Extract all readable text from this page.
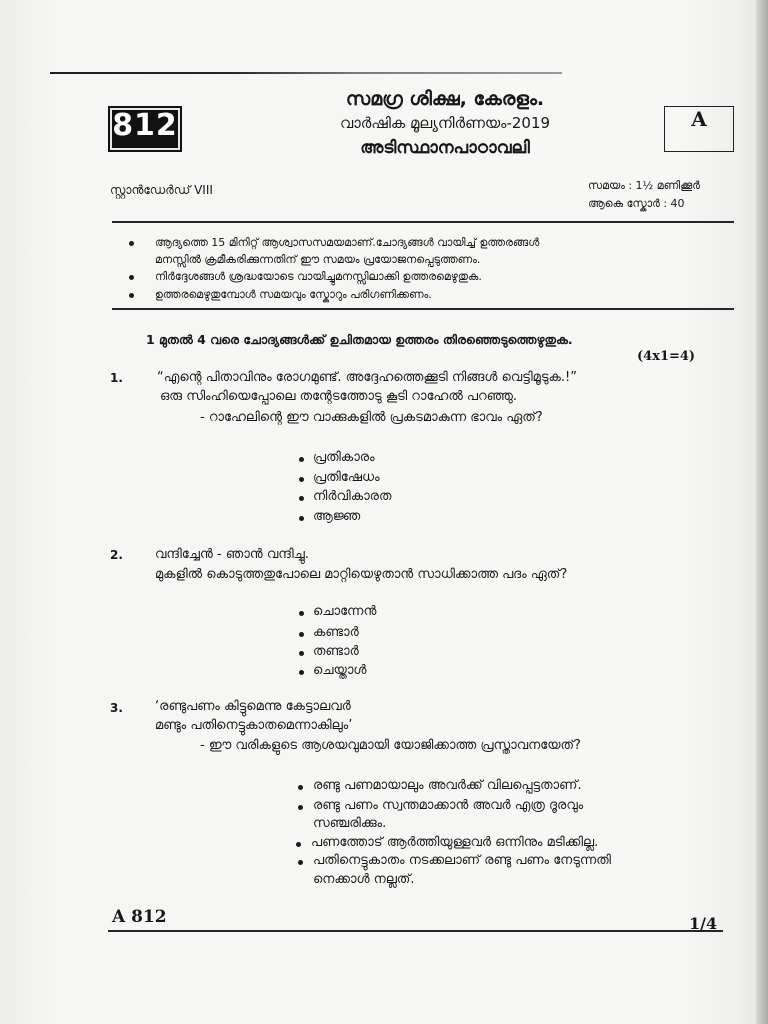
812
സമഗ്ര ശിക്ഷ, കേരളം.
വാർഷിക മൂല്യനിർണയം-2019
അടിസ്ഥാനപാഠാവലി
A
സ്റ്റാൻഡേർഡ് VIII	സമയം : 1½ മണിക്കൂർ
ആകെ സ്കോർ : 40
ആദ്യത്തെ 15 മിനിറ്റ് ആശ്വാസസമയമാണ്.ചോദ്യങ്ങൾ വായിച്ച് ഉത്തരങ്ങൾ
മനസ്സിൽ ക്രമീകരിക്കുന്നതിന് ഈ സമയം പ്രയോജനപ്പെടുത്തണം.
നിർദ്ദേശങ്ങൾ ശ്രദ്ധയോടെ വായിച്ചുമനസ്സിലാക്കി ഉത്തരമെഴുതുക.
ഉത്തരമെഴുതുമ്പോൾ സമയവും സ്കോറും പരിഗണിക്കണം.
1 മുതൽ 4 വരെ ചോദ്യങ്ങൾക്ക് ഉചിതമായ ഉത്തരം തിരഞ്ഞെടുത്തെഴുതുക.
(4x1=4)
1.	“എന്റെ പിതാവിനും രോഗമുണ്ട്. അദ്ദേഹത്തെക്കൂടി നിങ്ങൾ വെട്ടിമൂടുക.!”
ഒരു സിംഹിയെപ്പോലെ തന്റേടത്തോടു കൂടി റാഹേൽ പറഞ്ഞു.
- റാഹേലിന്റെ ഈ വാക്കുകളിൽ പ്രകടമാകുന്ന ഭാവം ഏത്?
പ്രതികാരം
പ്രതിഷേധം
നിർവികാരത
ആജ്ഞ
2. വന്ദിച്ചേൻ - ഞാൻ വന്ദിച്ചു.
മുകളിൽ കൊടുത്തതുപോലെ മാറ്റിയെഴുതാൻ സാധിക്കാത്ത പദം ഏത്?
ചൊന്നേൻ
കണ്ടാർ
തണ്ടാർ
ചെയ്താൾ
3. ‘രണ്ടുപണം കിട്ടുമെന്നു കേട്ടാലവർ
മണ്ടും പതിനെട്ടുകാതമെന്നാകിലും’
- ഈ വരികളുടെ ആശയവുമായി യോജിക്കാത്ത പ്രസ്താവനയേത്?
രണ്ടു പണമായാലും അവർക്ക് വിലപ്പെട്ടതാണ്.
രണ്ടു പണം സ്വന്തമാക്കാൻ അവർ എത്ര ദൂരവും
സഞ്ചരിക്കും.
പണത്തോട് ആർത്തിയുള്ളവർ ഒന്നിനും മടിക്കില്ല.
പതിനെട്ടുകാതം നടക്കലാണ് രണ്ടു പണം നേടുന്നതി
നെക്കാൾ നല്ലത്.
A 812	1/4
